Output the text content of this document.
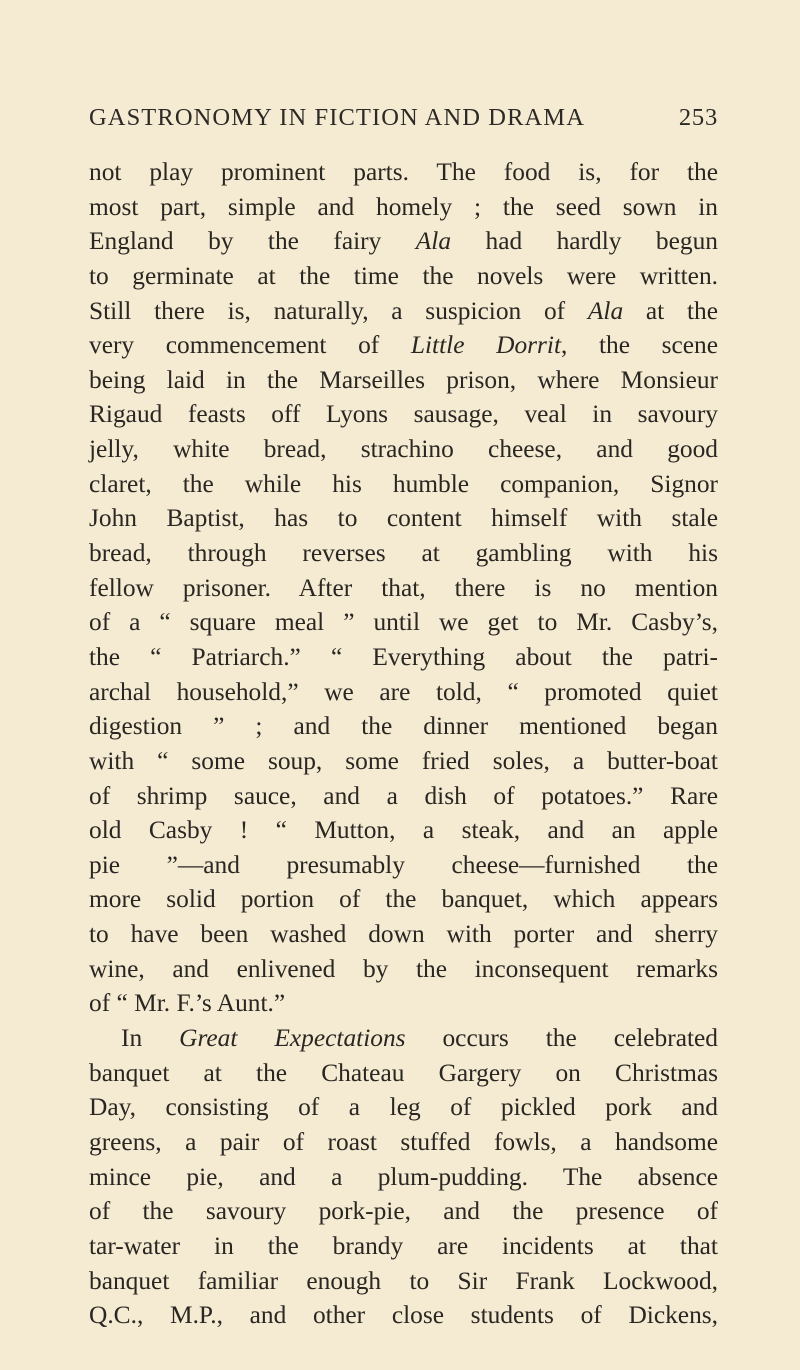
GASTRONOMY IN FICTION AND DRAMA	253
not play prominent parts. The food is, for the
most part, simple and homely ; the seed sown in
England by the fairy Ala had hardly begun
to germinate at the time the novels were written.
Still there is, naturally, a suspicion of Ala at the
very commencement of Little Dorrit, the scene
being laid in the Marseilles prison, where Monsieur
Rigaud feasts off Lyons sausage, veal in savoury
jelly, white bread, strachino cheese, and good
claret, the while his humble companion, Signor
John Baptist, has to content himself with stale
bread, through reverses at gambling with his
fellow prisoner. After that, there is no mention
of a “ square meal ” until we get to Mr. Casby’s,
the “ Patriarch.” “ Everything about the patri-
archal household,” we are told, “ promoted quiet
digestion ” ; and the dinner mentioned began
with “ some soup, some fried soles, a butter-boat
of shrimp sauce, and a dish of potatoes.” Rare
old Casby ! “ Mutton, a steak, and an apple
pie ”—and presumably cheese—furnished the
more solid portion of the banquet, which appears
to have been washed down with porter and sherry
wine, and enlivened by the inconsequent remarks
of “ Mr. F.’s Aunt.”
In Great Expectations occurs the celebrated
banquet at the Chateau Gargery on Christmas
Day, consisting of a leg of pickled pork and
greens, a pair of roast stuffed fowls, a handsome
mince pie, and a plum-pudding. The absence
of the savoury pork-pie, and the presence of
tar-water in the brandy are incidents at that
banquet familiar enough to Sir Frank Lockwood,
Q.C., M.P., and other close students of Dickens,
